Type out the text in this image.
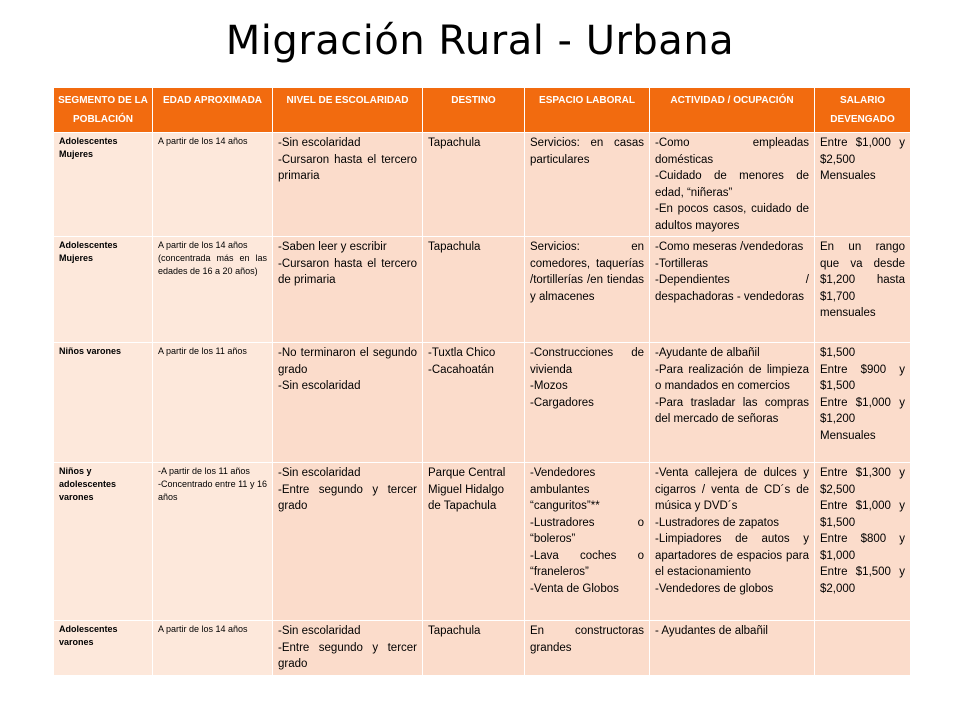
Migración Rural - Urbana
SEGMENTO DE LA POBLACIÓN	EDAD APROXIMADA	NIVEL DE ESCOLARIDAD	DESTINO	ESPACIO LABORAL	ACTIVIDAD / OCUPACIÓN	SALARIO DEVENGADO

Adolescentes Mujeres	A partir de los 14 años	-Sin escolaridad
-Cursaron hasta el tercero primaria	Tapachula	Servicios: en casas particulares	-Como empleadas domésticas
-Cuidado de menores de edad, “niñeras”
-En pocos casos, cuidado de adultos mayores	Entre $1,000 y $2,500 Mensuales

Adolescentes Mujeres	A partir de los 14 años
(concentrada más en las edades de 16 a 20 años)	-Saben leer y escribir
-Cursaron hasta el tercero de primaria	Tapachula	Servicios: en comedores, taquerías /tortillerías /en tiendas y almacenes	-Como meseras /vendedoras
-Tortilleras
-Dependientes / despachadoras - vendedoras	En un rango que va desde $1,200 hasta $1,700 mensuales

Niños varones	A partir de los 11 años	-No terminaron el segundo grado
-Sin escolaridad	-Tuxtla Chico
-Cacahoatán	-Construcciones de vivienda
-Mozos
-Cargadores	-Ayudante de albañil
-Para realización de limpieza o mandados en comercios
-Para trasladar las compras del mercado de señoras	$1,500
Entre $900 y $1,500
Entre $1,000 y $1,200 Mensuales

Niños y adolescentes varones	-A partir de los 11 años
-Concentrado entre 11 y 16 años	-Sin escolaridad
-Entre segundo y tercer grado	Parque Central Miguel Hidalgo de Tapachula	-Vendedores ambulantes “canguritos”**
-Lustradores o “boleros”
-Lava coches o “franeleros”
-Venta de Globos	-Venta callejera de dulces y cigarros / venta de CD´s de música y DVD´s
-Lustradores de zapatos
-Limpiadores de autos y apartadores de espacios para el estacionamiento
-Vendedores de globos	Entre $1,300 y $2,500
Entre $1,000 y $1,500
Entre $800 y $1,000
Entre $1,500 y $2,000

Adolescentes varones	A partir de los 14 años	-Sin escolaridad
-Entre segundo y tercer grado	Tapachula	En constructoras grandes	- Ayudantes de albañil	
